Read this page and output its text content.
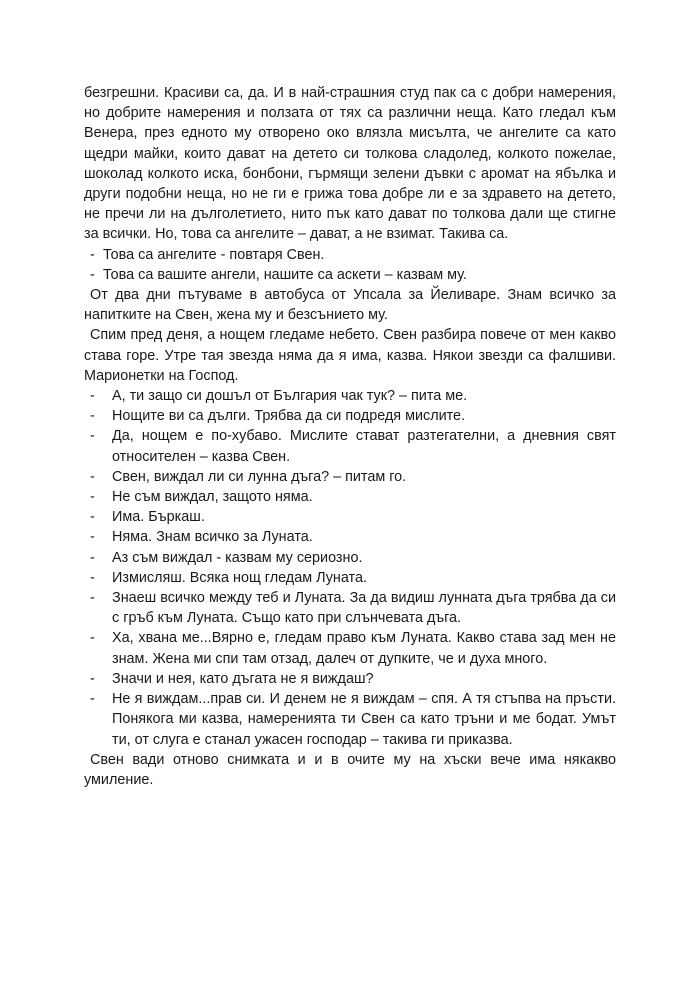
безгрешни. Красиви са, да. И в най-страшния студ пак са с добри намерения, но добрите намерения и ползата от тях са различни неща. Като гледал към Венера, през едното му отворено око влязла мисълта, че ангелите са като щедри майки, които дават на детето си толкова сладолед, колкото пожелае, шоколад колкото иска, бонбони, гърмящи зелени дъвки с аромат на ябълка и други подобни неща, но не ги е грижа това добре ли е за здравето на детето, не пречи ли на дълголетието, нито пък като дават по толкова дали ще стигне за всички. Но, това са ангелите – дават, а не взимат. Такива са.

- Това са ангелите - повтаря Свен.
- Това са вашите ангели, нашите са аскети – казвам му.

От два дни пътуваме в автобуса от Упсала за Йеливаре. Знам всичко за напитките на Свен, жена му и безсънието му.

Спим пред деня, а нощем гледаме небето. Свен разбира повече от мен какво става горе. Утре тая звезда няма да я има, казва. Някои звезди са фалшиви. Марионетки на Господ.

- А, ти защо си дошъл от България чак тук? – пита ме.
- Нощите ви са дълги. Трябва да си подредя мислите.
- Да, нощем е по-хубаво. Мислите стават разтегателни, а дневния свят относителен – казва Свен.
- Свен, виждал ли си лунна дъга? – питам го.
- Не съм виждал, защото няма.
- Има. Бъркаш.
- Няма. Знам всичко за Луната.
- Аз съм виждал - казвам му сериозно.
- Измисляш. Всяка нощ гледам Луната.
- Знаеш всичко между теб и Луната. За да видиш лунната дъга трябва да си с гръб към Луната. Също като при слънчевата дъга.
- Ха, хвана ме...Вярно е, гледам право към Луната. Какво става зад мен не знам. Жена ми спи там отзад, далеч от дупките, че и духа много.
- Значи и нея, като дъгата не я виждаш?
- Не я виждам...прав си. И денем не я виждам – спя. А тя стъпва на пръсти. Понякога ми казва, намеренията ти Свен са като тръни и ме бодат. Умът ти, от слуга е станал ужасен господар – такива ги приказва.

Свен вади отново снимката и и в очите му на хъски вече има някакво умиление.
